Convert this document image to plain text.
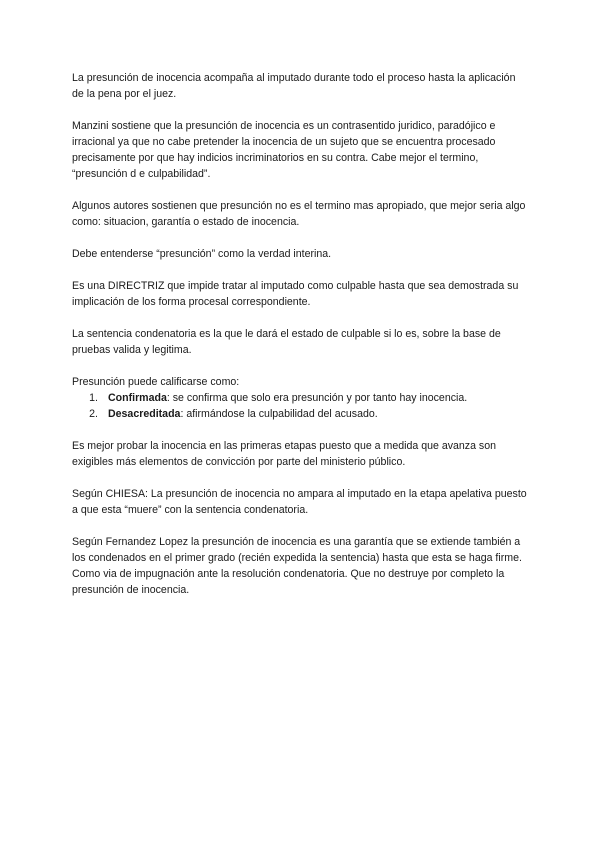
La presunción de inocencia acompaña al imputado durante todo el proceso hasta la aplicación de la pena por el juez.

Manzini sostiene que la presunción de inocencia es un contrasentido juridico, paradójico e irracional ya que no cabe pretender la inocencia de un sujeto que se encuentra procesado precisamente por que hay indicios incriminatorios en su contra. Cabe mejor el termino, “presunción d e culpabilidad”.

Algunos autores sostienen que presunción no es el termino mas apropiado, que mejor seria algo como: situacion, garantía o estado de inocencia.

Debe entenderse “presunción” como la verdad interina.

Es una DIRECTRIZ que impide tratar al imputado como culpable hasta que sea demostrada su implicación de los forma procesal correspondiente.

La sentencia condenatoria es la que le dará el estado de culpable si lo es, sobre la base de pruebas valida y legitima.

Presunción puede calificarse como:

1. Confirmada: se confirma que solo era presunción y por tanto hay inocencia.
2. Desacreditada: afirmándose la culpabilidad del acusado.

Es mejor probar la inocencia en las primeras etapas puesto que a medida que avanza son exigibles más elementos de convicción por parte del ministerio público.

Según CHIESA: La presunción de inocencia no ampara al imputado en la etapa apelativa puesto a que esta “muere” con la sentencia condenatoria.

Según Fernandez Lopez la presunción de inocencia es una garantía que se extiende también a los condenados en el primer grado (recién expedida la sentencia) hasta que esta se haga firme. Como via de impugnación ante la resolución condenatoria. Que no destruye por completo la presunción de inocencia.
